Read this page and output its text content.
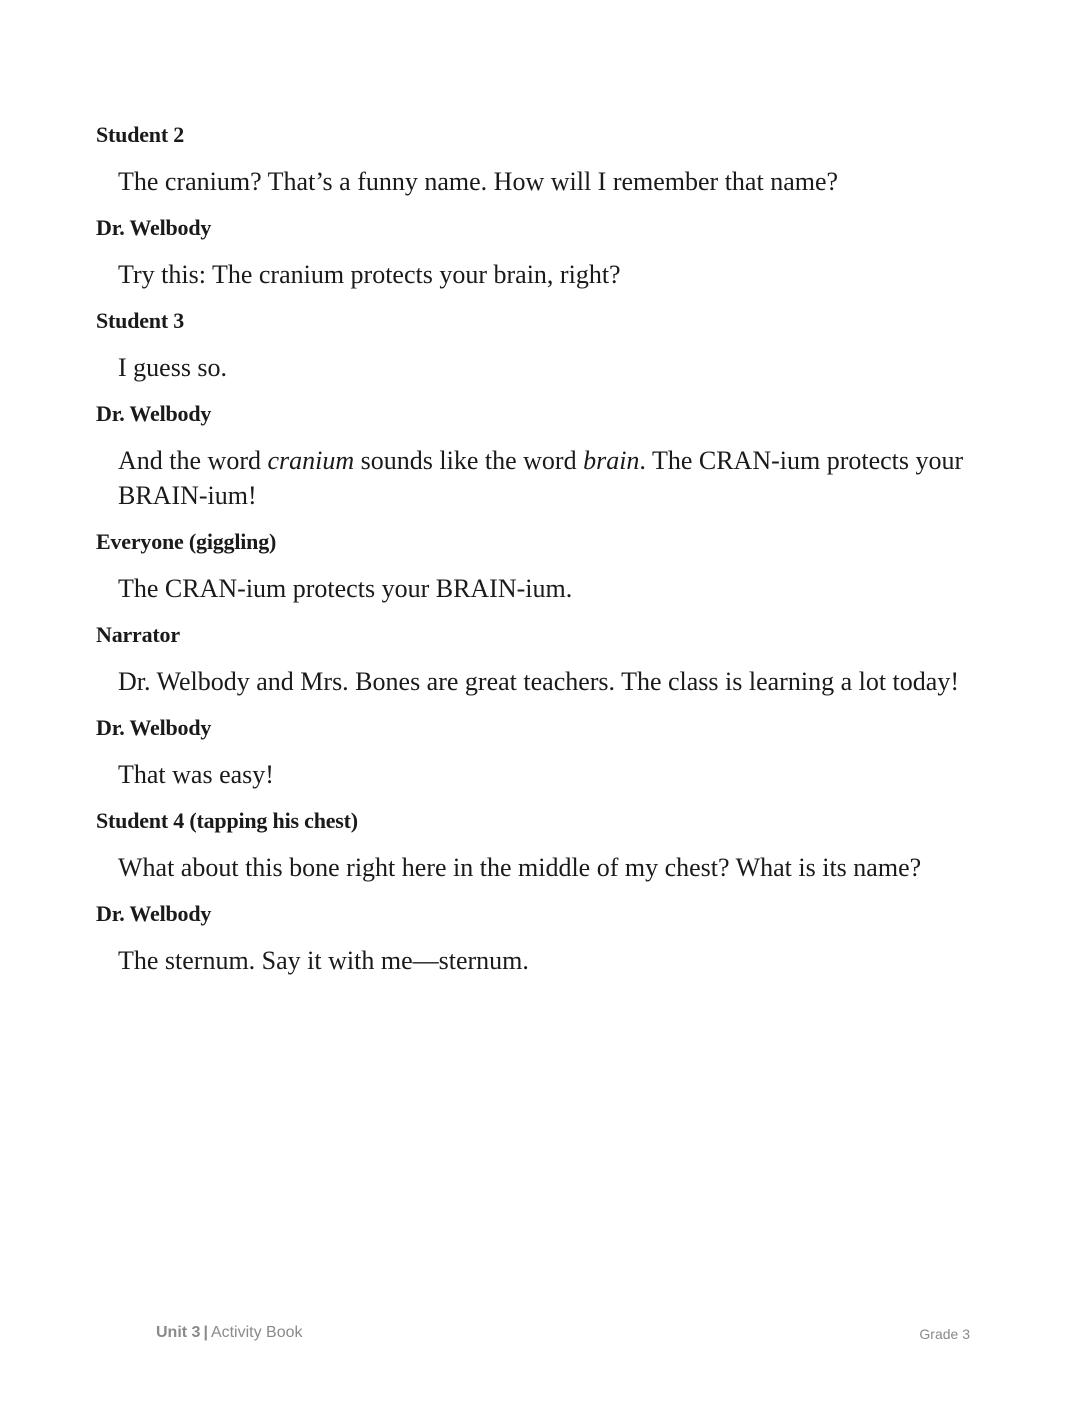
Student 2
The cranium? That’s a funny name. How will I remember that name?
Dr. Welbody
Try this: The cranium protects your brain, right?
Student 3
I guess so.
Dr. Welbody
And the word cranium sounds like the word brain. The CRAN-ium protects your BRAIN-ium!
Everyone (giggling)
The CRAN-ium protects your BRAIN-ium.
Narrator
Dr. Welbody and Mrs. Bones are great teachers. The class is learning a lot today!
Dr. Welbody
That was easy!
Student 4 (tapping his chest)
What about this bone right here in the middle of my chest? What is its name?
Dr. Welbody
The sternum. Say it with me—sternum.
Unit 3 | Activity Book	Grade 3
